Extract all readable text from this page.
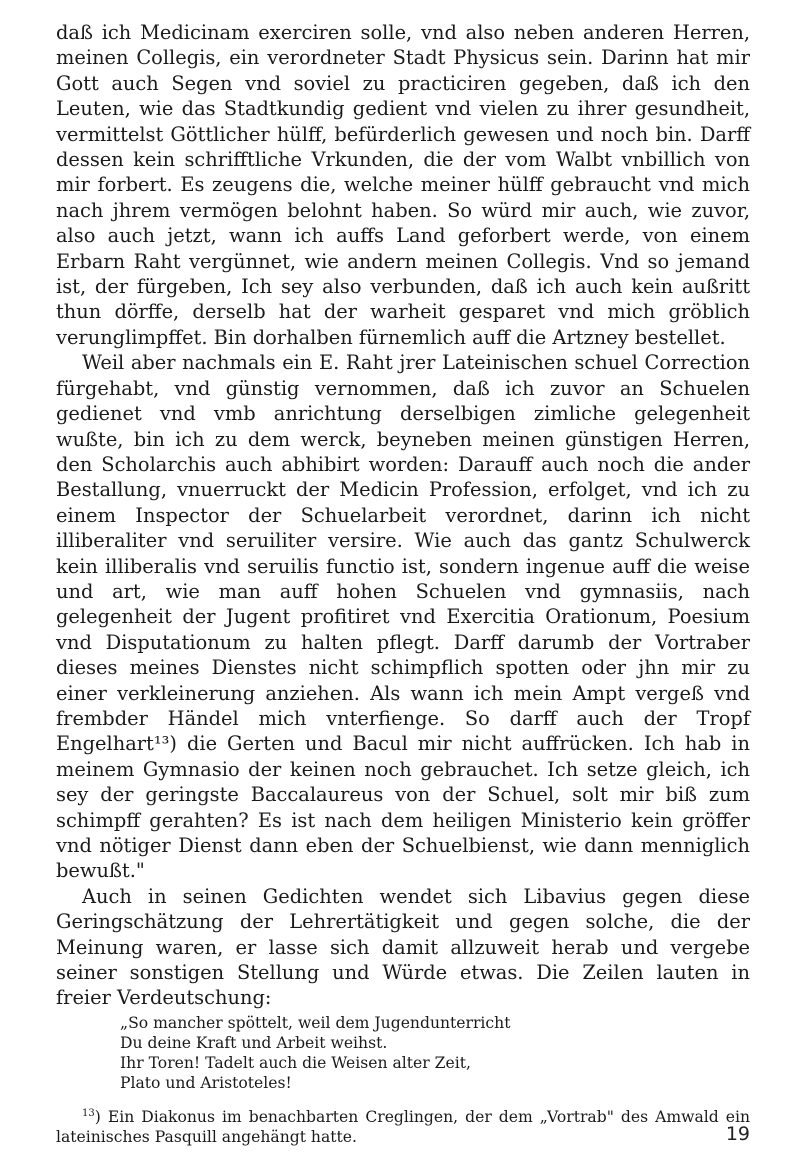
daß ich Medicinam exerciren solle, vnd also neben anderen Herren, meinen Collegis, ein verordneter Stadt Physicus sein. Darinn hat mir Gott auch Segen vnd soviel zu practiciren gegeben, daß ich den Leuten, wie das Stadtkundig gedient vnd vielen zu ihrer gesundheit, vermittelst Göttlicher hülff, befürderlich gewesen und noch bin. Darff dessen kein schrifftliche Vrkunden, die der vom Walbt vnbillich von mir forbert. Es zeugens die, welche meiner hülff gebraucht vnd mich nach jhrem vermögen belohnt haben. So würd mir auch, wie zuvor, also auch jetzt, wann ich auffs Land geforbert werde, von einem Erbarn Raht vergünnet, wie andern meinen Collegis. Vnd so jemand ist, der fürgeben, Ich sey also verbunden, daß ich auch kein außritt thun dörffe, derselb hat der warheit gesparet vnd mich gröblich verunglimpffet. Bin dorhalben fürnemlich auff die Artzney bestellet.

Weil aber nachmals ein E. Raht jrer Lateinischen schuel Correction fürgehabt, vnd günstig vernommen, daß ich zuvor an Schuelen gedienet vnd vmb anrichtung derselbigen zimliche gelegenheit wußte, bin ich zu dem werck, beyneben meinen günstigen Herren, den Scholarchis auch abhibirt worden: Darauff auch noch die ander Bestallung, vnuerruckt der Medicin Profession, erfolget, vnd ich zu einem Inspector der Schuelarbeit verordnet, darinn ich nicht illiberaliter vnd seruiliter versire. Wie auch das gantz Schulwerck kein illiberalis vnd seruilis functio ist, sondern ingenue auff die weise und art, wie man auff hohen Schuelen vnd gymnasiis, nach gelegenheit der Jugent profitiret vnd Exercitia Orationum, Poesium vnd Disputationum zu halten pflegt. Darff darumb der Vortraber dieses meines Dienstes nicht schimpflich spotten oder jhn mir zu einer verkleinerung anziehen. Als wann ich mein Ampt vergeß vnd frembder Händel mich vnterfienge. So darff auch der Tropf Engelhart¹³) die Gerten und Bacul mir nicht auffrücken. Ich hab in meinem Gymnasio der keinen noch gebrauchet. Ich setze gleich, ich sey der geringste Baccalaureus von der Schuel, solt mir biß zum schimpff gerahten? Es ist nach dem heiligen Ministerio kein gröffer vnd nötiger Dienst dann eben der Schuelbienst, wie dann menniglich bewußt."

Auch in seinen Gedichten wendet sich Libavius gegen diese Geringschätzung der Lehrertätigkeit und gegen solche, die der Meinung waren, er lasse sich damit allzuweit herab und vergebe seiner sonstigen Stellung und Würde etwas. Die Zeilen lauten in freier Verdeutschung:

„So mancher spöttelt, weil dem Jugendunterricht
Du deine Kraft und Arbeit weihst.
Ihr Toren! Tadelt auch die Weisen alter Zeit,
Plato und Aristoteles!

$^{13}$) Ein Diakonus im benachbarten Creglingen, der dem „Vortrab" des Amwald ein lateinisches Pasquill angehängt hatte.	19
